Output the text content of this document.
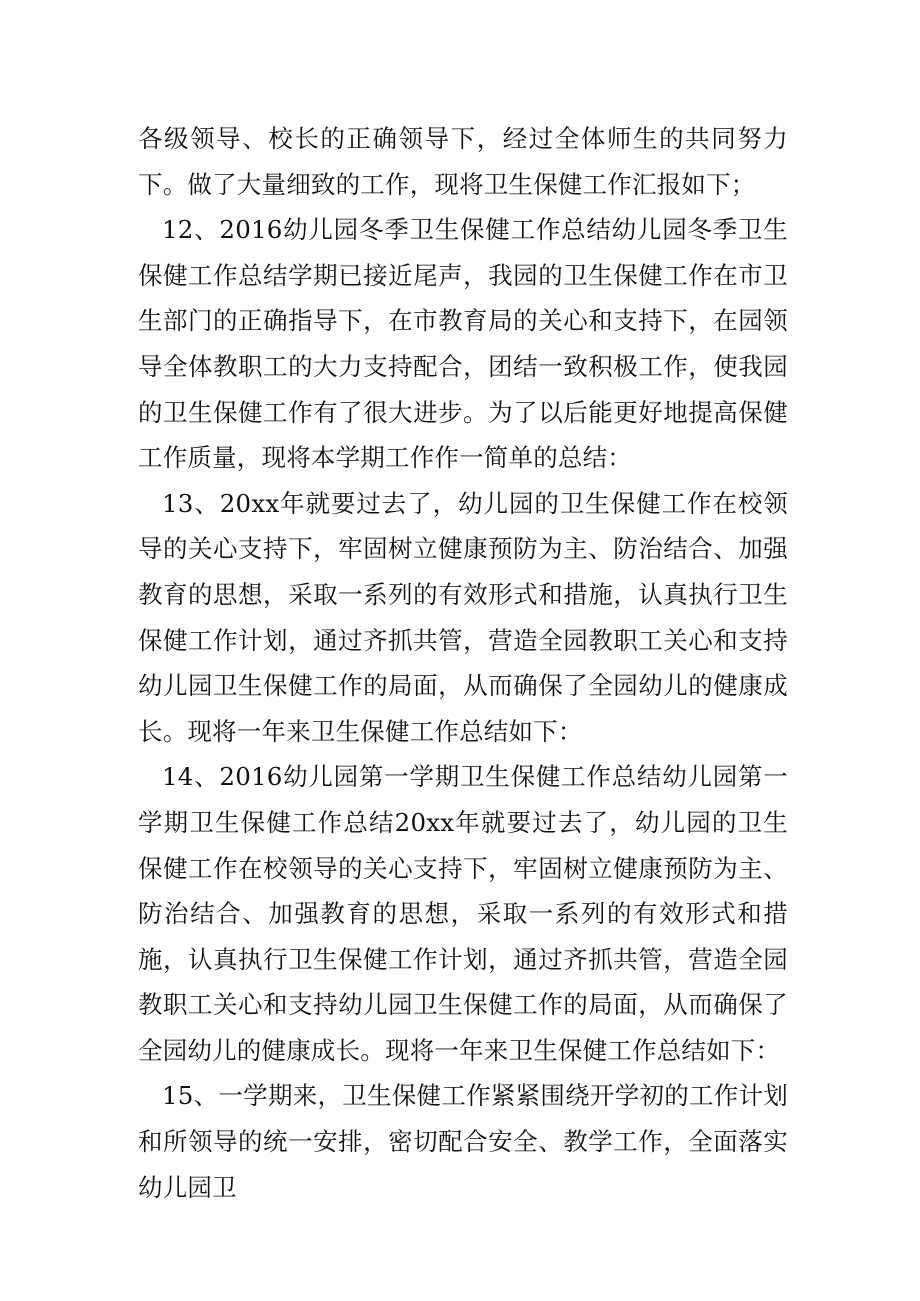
各级领导、校长的正确领导下，经过全体师生的共同努力下。做了大量细致的工作，现将卫生保健工作汇报如下；

12、2016幼儿园冬季卫生保健工作总结幼儿园冬季卫生保健工作总结学期已接近尾声，我园的卫生保健工作在市卫生部门的正确指导下，在市教育局的关心和支持下，在园领导全体教职工的大力支持配合，团结一致积极工作，使我园的卫生保健工作有了很大进步。为了以后能更好地提高保健工作质量，现将本学期工作作一简单的总结：

13、20xx年就要过去了，幼儿园的卫生保健工作在校领导的关心支持下，牢固树立健康预防为主、防治结合、加强教育的思想，采取一系列的有效形式和措施，认真执行卫生保健工作计划，通过齐抓共管，营造全园教职工关心和支持幼儿园卫生保健工作的局面，从而确保了全园幼儿的健康成长。现将一年来卫生保健工作总结如下：

14、2016幼儿园第一学期卫生保健工作总结幼儿园第一学期卫生保健工作总结20xx年就要过去了，幼儿园的卫生保健工作在校领导的关心支持下，牢固树立健康预防为主、防治结合、加强教育的思想，采取一系列的有效形式和措施，认真执行卫生保健工作计划，通过齐抓共管，营造全园教职工关心和支持幼儿园卫生保健工作的局面，从而确保了全园幼儿的健康成长。现将一年来卫生保健工作总结如下：

15、一学期来，卫生保健工作紧紧围绕开学初的工作计划和所领导的统一安排，密切配合安全、教学工作，全面落实幼儿园卫
